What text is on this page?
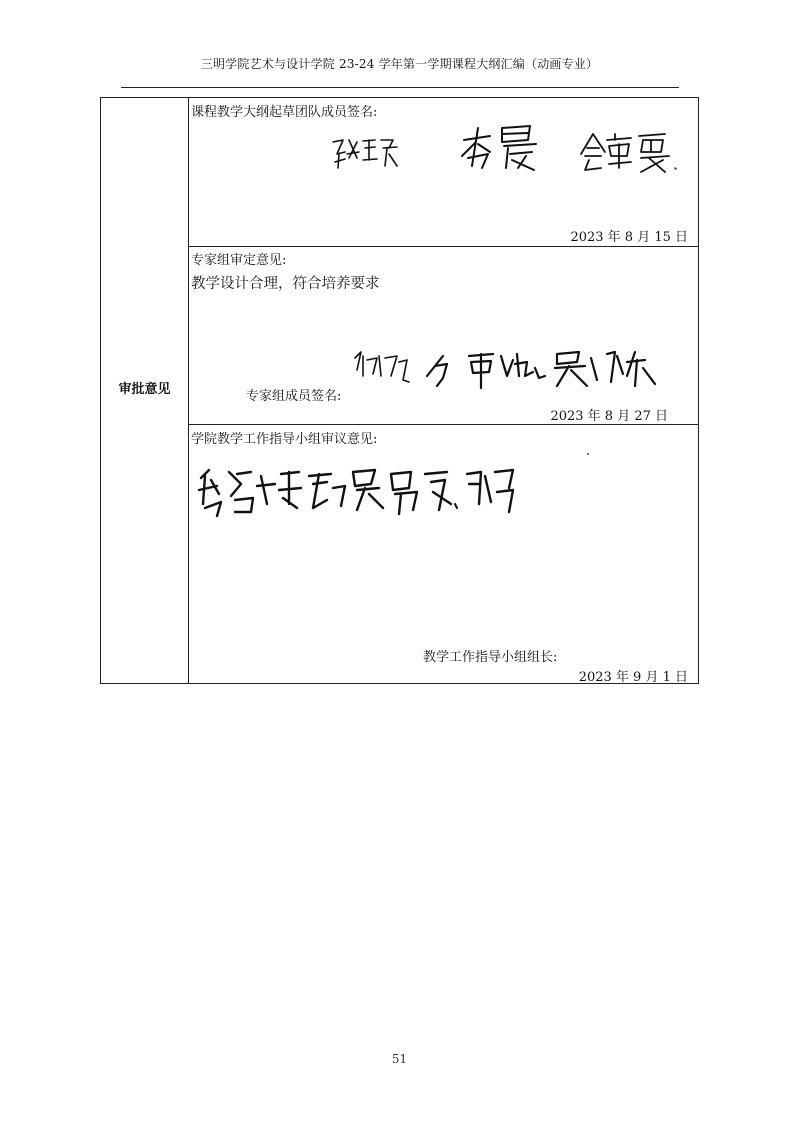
三明学院艺术与设计学院 23-24 学年第一学期课程大纲汇编（动画专业）
审批意见
课程教学大纲起草团队成员签名:
2023 年 8 月 15 日
专家组审定意见:
教学设计合理，符合培养要求
专家组成员签名:
2023 年 8 月 27 日
学院教学工作指导小组审议意见:
教学工作指导小组组长:
2023 年 9 月 1 日
51
